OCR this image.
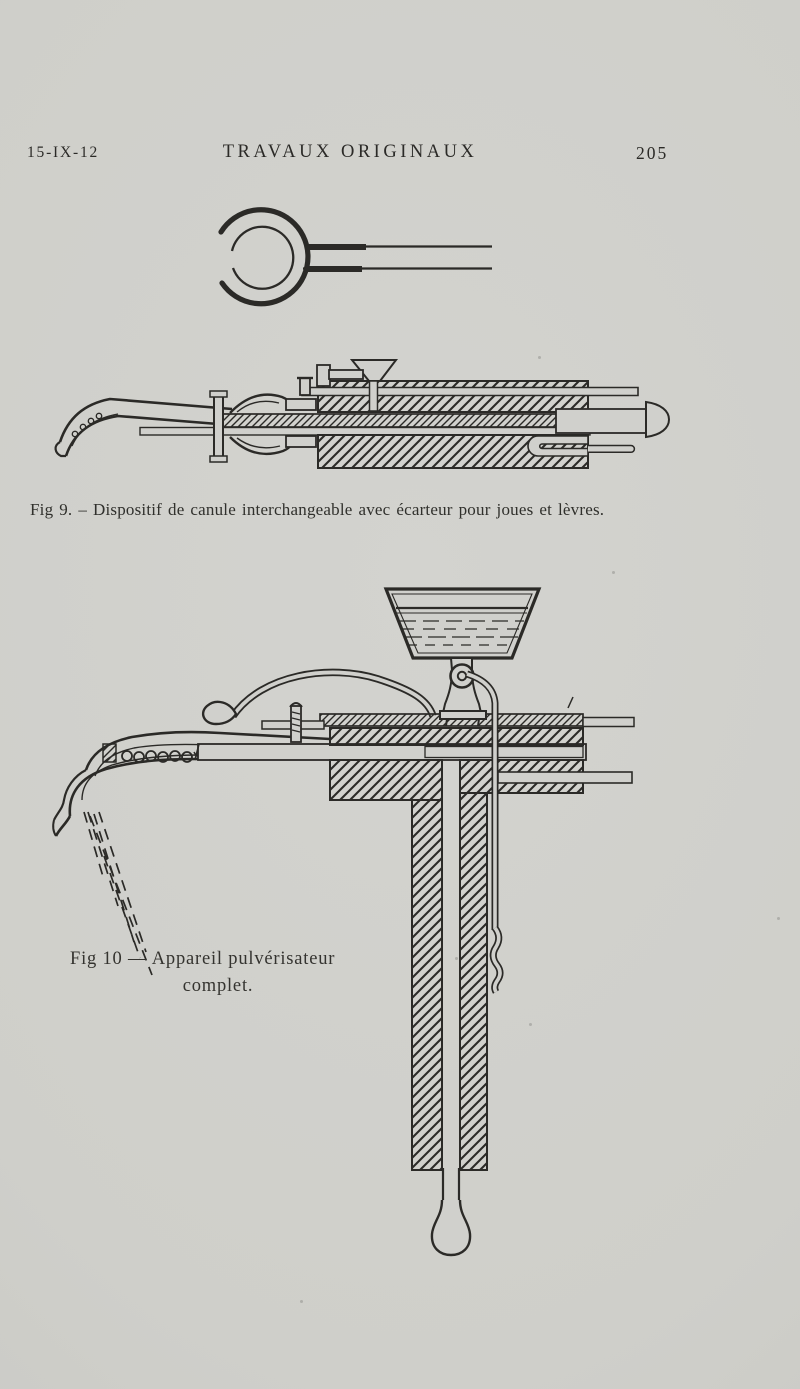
15-IX-12	TRAVAUX ORIGINAUX	205
Fig 9. – Dispositif de canule interchangeable avec écarteur pour joues et lèvres.
Fig 10 — Appareil pulvérisateur
complet.
